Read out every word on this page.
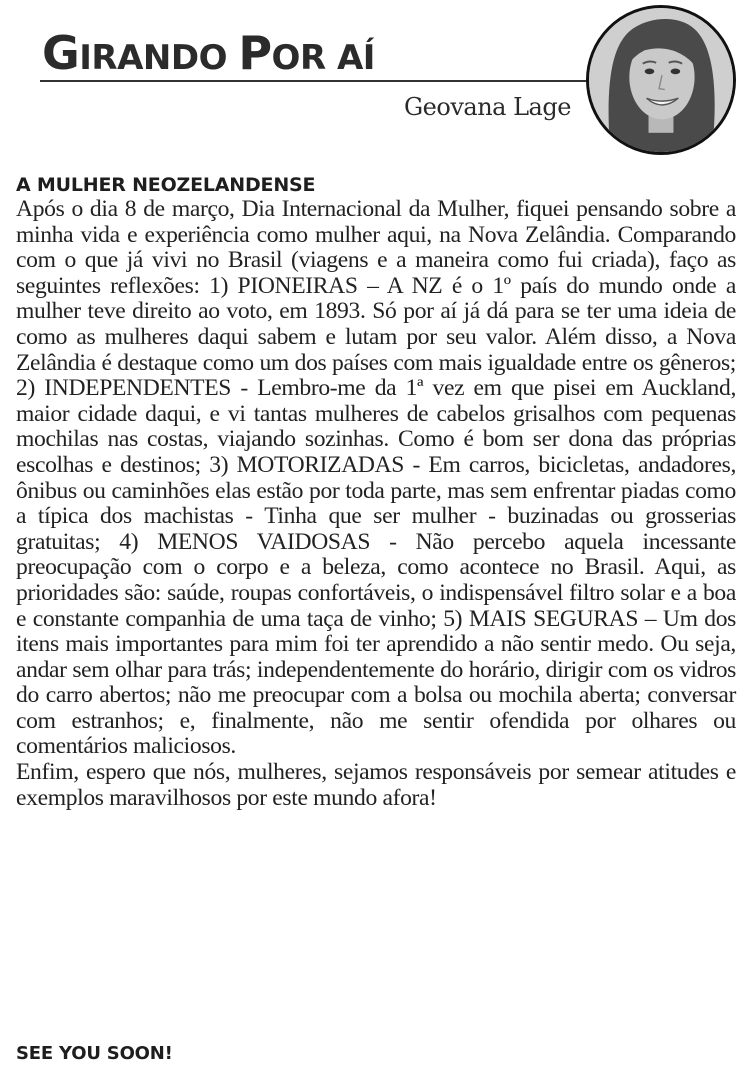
GIRANDO POR AÍ
Geovana Lage
A MULHER NEOZELANDENSE

Após o dia 8 de março, Dia Internacional da Mulher, fiquei pensando sobre a minha vida e experiência como mulher aqui, na Nova Zelândia. Comparando com o que já vivi no Brasil (viagens e a maneira como fui criada), faço as seguintes reflexões: 1) PIONEIRAS – A NZ é o 1º país do mundo onde a mulher teve direito ao voto, em 1893. Só por aí já dá para se ter uma ideia de como as mulheres daqui sabem e lutam por seu valor. Além disso, a Nova Zelândia é destaque como um dos países com mais igualdade entre os gêneros; 2) INDEPENDENTES - Lembro-me da 1ª vez em que pisei em Auckland, maior cidade daqui, e vi tantas mulheres de cabelos grisalhos com pequenas mochilas nas costas, viajando sozinhas. Como é bom ser dona das próprias escolhas e destinos; 3) MOTORIZADAS - Em carros, bicicletas, andadores, ônibus ou caminhões elas estão por toda parte, mas sem enfrentar piadas como a típica dos machistas - Tinha que ser mulher - buzinadas ou grosserias gratuitas; 4) MENOS VAIDOSAS - Não percebo aquela incessante preocupação com o corpo e a beleza, como acontece no Brasil. Aqui, as prioridades são: saúde, roupas confortáveis, o indispensável filtro solar e a boa e constante companhia de uma taça de vinho; 5) MAIS SEGURAS – Um dos itens mais importantes para mim foi ter aprendido a não sentir medo. Ou seja, andar sem olhar para trás; independentemente do horário, dirigir com os vidros do carro abertos; não me preocupar com a bolsa ou mochila aberta; conversar com estranhos; e, finalmente, não me sentir ofendida por olhares ou comentários maliciosos.

Enfim, espero que nós, mulheres, sejamos responsáveis por semear atitudes e exemplos maravilhosos por este mundo afora!

SEE YOU SOON!
